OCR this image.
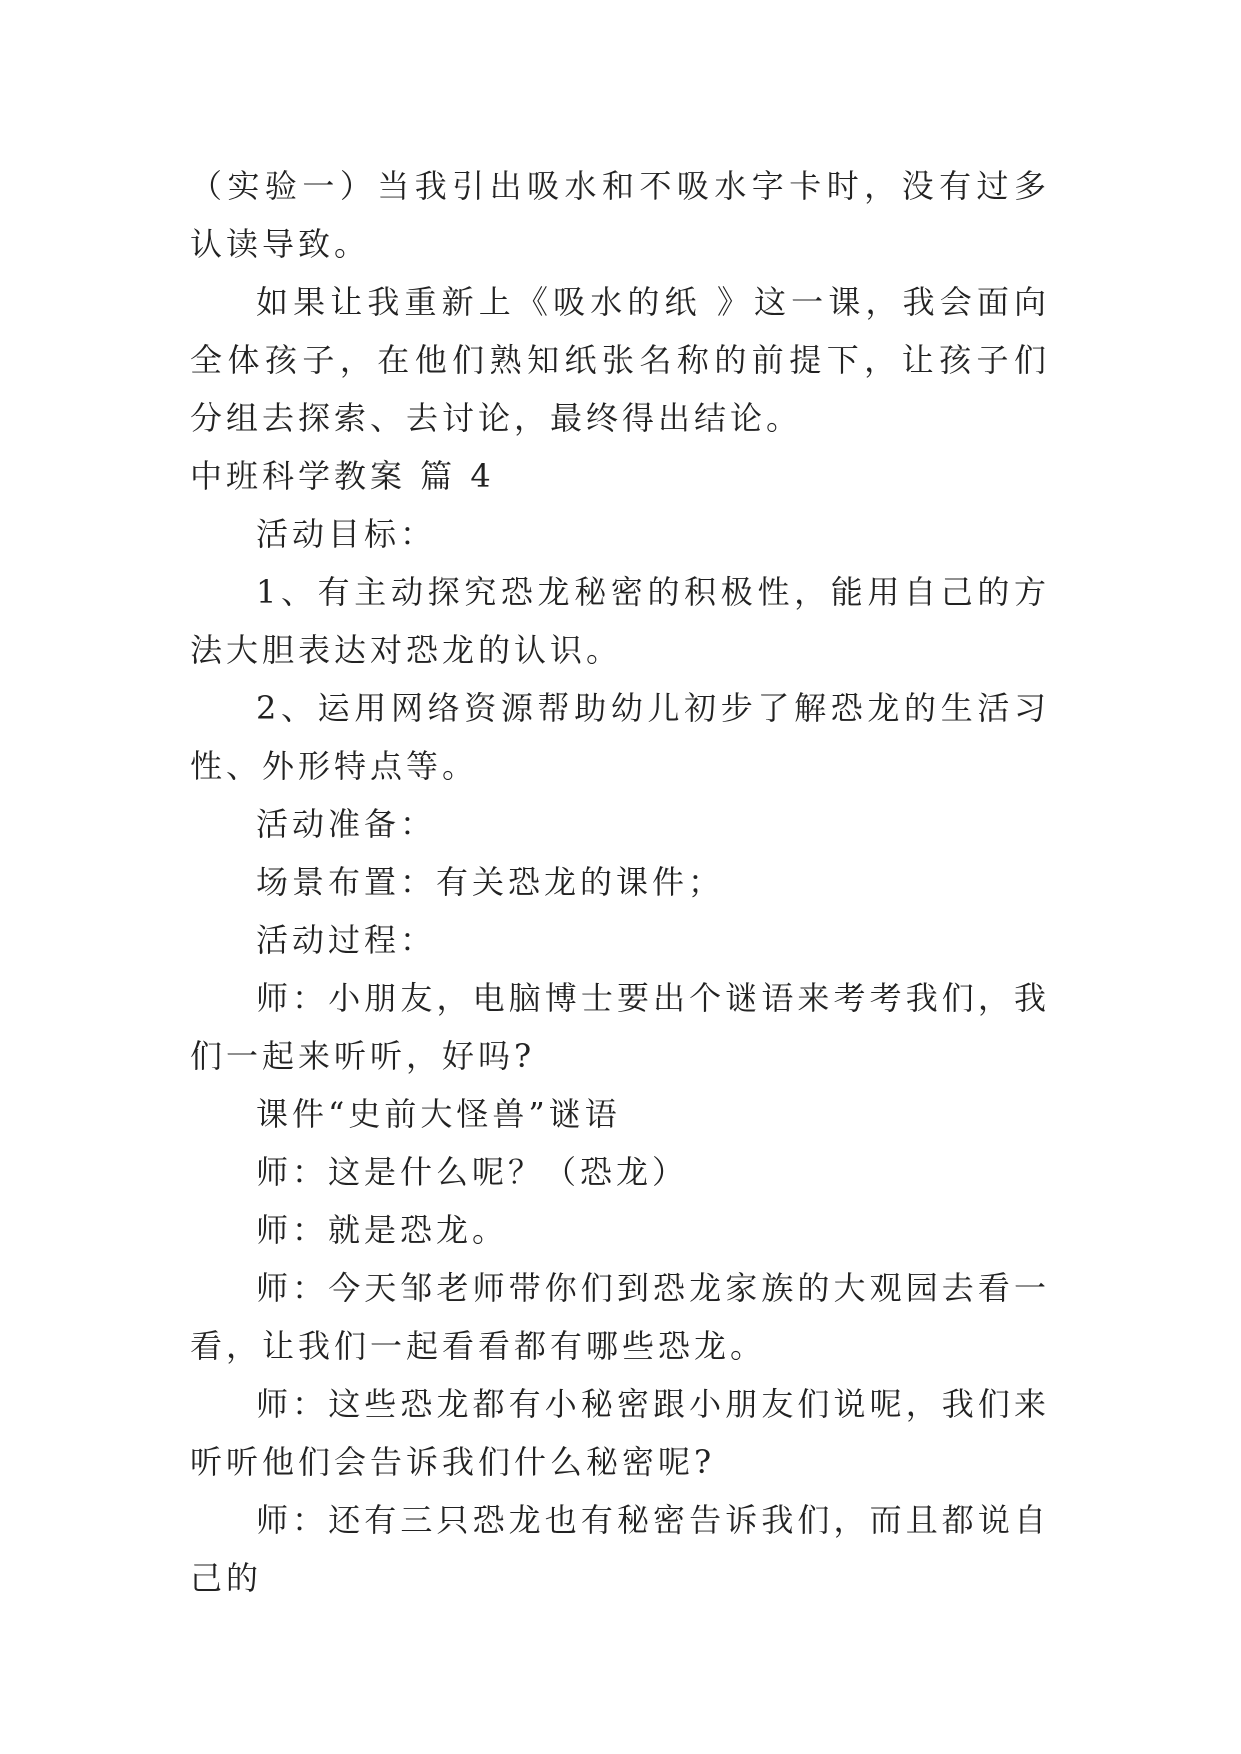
（实验一）当我引出吸水和不吸水字卡时，没有过多认读导致。

如果让我重新上《吸水的纸 》这一课，我会面向全体孩子，在他们熟知纸张名称的前提下，让孩子们分组去探索、去讨论，最终得出结论。

中班科学教案 篇 4

活动目标：

1、有主动探究恐龙秘密的积极性，能用自己的方法大胆表达对恐龙的认识。

2、运用网络资源帮助幼儿初步了解恐龙的生活习性、外形特点等。

活动准备：

场景布置：有关恐龙的课件；

活动过程：

师：小朋友，电脑博士要出个谜语来考考我们，我们一起来听听，好吗?

课件“史前大怪兽”谜语

师：这是什么呢？（恐龙）

师：就是恐龙。

师：今天邹老师带你们到恐龙家族的大观园去看一看，让我们一起看看都有哪些恐龙。

师：这些恐龙都有小秘密跟小朋友们说呢，我们来听听他们会告诉我们什么秘密呢?

师：还有三只恐龙也有秘密告诉我们，而且都说自己的
